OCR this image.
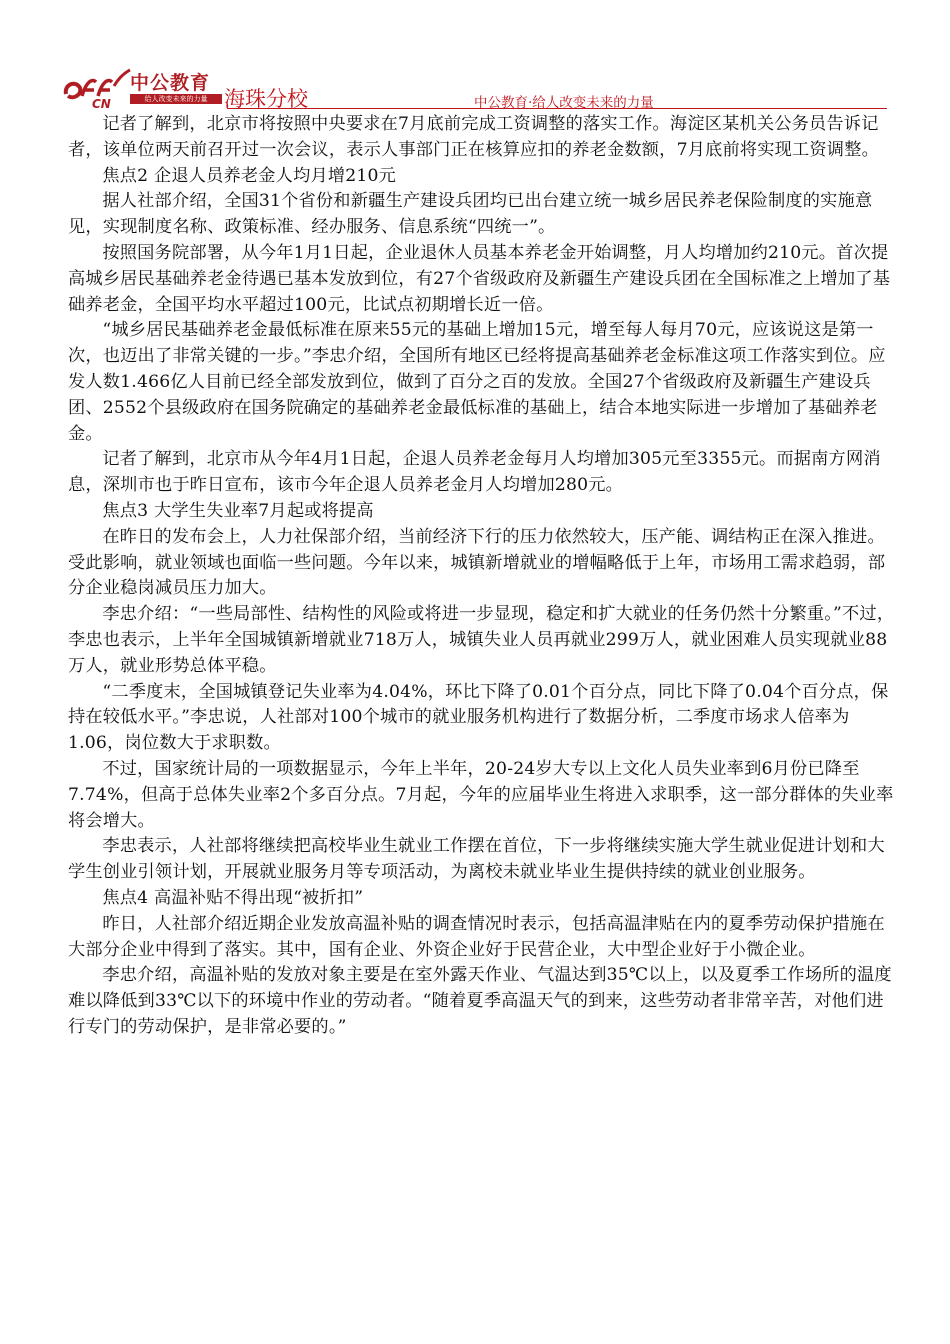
CN
中公教育
给人改变未来的力量 海珠分校	中公教育·给人改变未来的力量

记者了解到，北京市将按照中央要求在7月底前完成工资调整的落实工作。海淀区某机关公务员告诉记者，该单位两天前召开过一次会议，表示人事部门正在核算应扣的养老金数额，7月底前将实现工资调整。

焦点2 企退人员养老金人均月增210元

据人社部介绍，全国31个省份和新疆生产建设兵团均已出台建立统一城乡居民养老保险制度的实施意见，实现制度名称、政策标准、经办服务、信息系统“四统一”。

按照国务院部署，从今年1月1日起，企业退休人员基本养老金开始调整，月人均增加约210元。首次提高城乡居民基础养老金待遇已基本发放到位，有27个省级政府及新疆生产建设兵团在全国标准之上增加了基础养老金，全国平均水平超过100元，比试点初期增长近一倍。

“城乡居民基础养老金最低标准在原来55元的基础上增加15元，增至每人每月70元，应该说这是第一次，也迈出了非常关键的一步。”李忠介绍，全国所有地区已经将提高基础养老金标准这项工作落实到位。应发人数1.466亿人目前已经全部发放到位，做到了百分之百的发放。全国27个省级政府及新疆生产建设兵团、2552个县级政府在国务院确定的基础养老金最低标准的基础上，结合本地实际进一步增加了基础养老金。

记者了解到，北京市从今年4月1日起，企退人员养老金每月人均增加305元至3355元。而据南方网消息，深圳市也于昨日宣布，该市今年企退人员养老金月人均增加280元。

焦点3 大学生失业率7月起或将提高

在昨日的发布会上，人力社保部介绍，当前经济下行的压力依然较大，压产能、调结构正在深入推进。受此影响，就业领域也面临一些问题。今年以来，城镇新增就业的增幅略低于上年，市场用工需求趋弱，部分企业稳岗减员压力加大。

李忠介绍：“一些局部性、结构性的风险或将进一步显现，稳定和扩大就业的任务仍然十分繁重。”不过，李忠也表示，上半年全国城镇新增就业718万人，城镇失业人员再就业299万人，就业困难人员实现就业88万人，就业形势总体平稳。

“二季度末，全国城镇登记失业率为4.04%，环比下降了0.01个百分点，同比下降了0.04个百分点，保持在较低水平。”李忠说，人社部对100个城市的就业服务机构进行了数据分析，二季度市场求人倍率为1.06，岗位数大于求职数。

不过，国家统计局的一项数据显示，今年上半年，20-24岁大专以上文化人员失业率到6月份已降至7.74%，但高于总体失业率2个多百分点。7月起，今年的应届毕业生将进入求职季，这一部分群体的失业率将会增大。

李忠表示，人社部将继续把高校毕业生就业工作摆在首位，下一步将继续实施大学生就业促进计划和大学生创业引领计划，开展就业服务月等专项活动，为离校未就业毕业生提供持续的就业创业服务。

焦点4 高温补贴不得出现“被折扣”

昨日，人社部介绍近期企业发放高温补贴的调查情况时表示，包括高温津贴在内的夏季劳动保护措施在大部分企业中得到了落实。其中，国有企业、外资企业好于民营企业，大中型企业好于小微企业。

李忠介绍，高温补贴的发放对象主要是在室外露天作业、气温达到35℃以上，以及夏季工作场所的温度难以降低到33℃以下的环境中作业的劳动者。“随着夏季高温天气的到来，这些劳动者非常辛苦，对他们进行专门的劳动保护，是非常必要的。”
